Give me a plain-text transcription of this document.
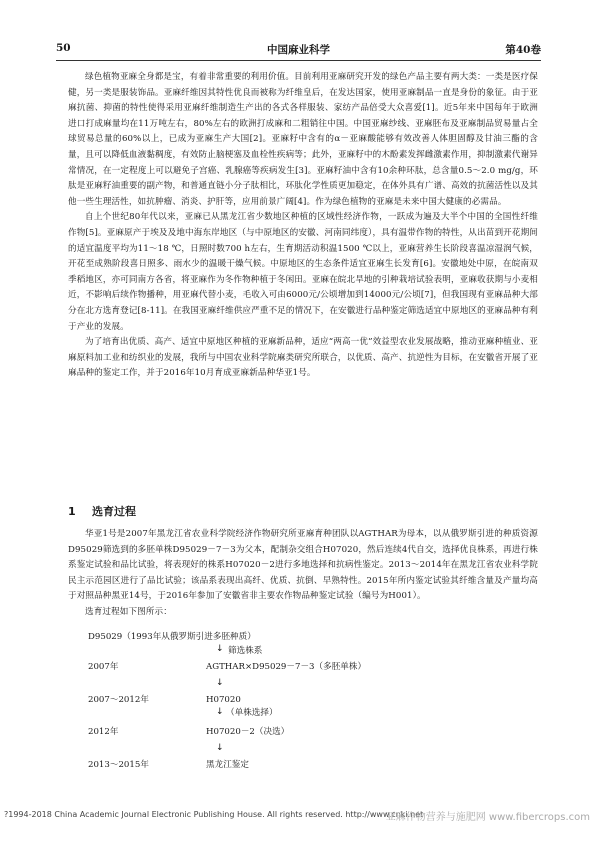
50	中国麻业科学	第40卷

绿色植物亚麻全身都是宝，有着非常重要的利用价值。目前利用亚麻研究开发的绿色产品主要有两大类：一类是医疗保健，另一类是服装饰品。亚麻纤维因其特性优良而被称为纤维皇后，在发达国家，使用亚麻制品一直是身份的象征。由于亚麻抗菌、抑菌的特性使得采用亚麻纤维制造生产出的各式各样服装、家纺产品倍受大众喜爱[1]。近5年来中国每年于欧洲进口打成麻量均在11万吨左右，80%左右的欧洲打成麻和二粗销往中国。中国亚麻纱线、亚麻胚布及亚麻制品贸易量占全球贸易总量的60%以上，已成为亚麻生产大国[2]。亚麻籽中含有的α－亚麻酸能够有效改善人体胆固醇及甘油三酯的含量，且可以降低血液黏稠度，有效防止脑梗塞及血栓性疾病等；此外，亚麻籽中的木酚素发挥雌激素作用，抑制激素代谢异常情况，在一定程度上可以避免子宫癌、乳腺癌等疾病发生[3]。亚麻籽油中含有10余种环肽，总含量0.5～2.0 mg/g，环肽是亚麻籽油重要的副产物，和普通直链小分子肽相比，环肽化学性质更加稳定，在体外具有广谱、高效的抗菌活性以及其他一些生理活性，如抗肿瘤、消炎、护肝等，应用前景广阔[4]。作为绿色植物的亚麻是未来中国大健康的必需品。

自上个世纪80年代以来，亚麻已从黑龙江省少数地区种植的区域性经济作物，一跃成为遍及大半个中国的全国性纤维作物[5]。亚麻原产于埃及及地中海东岸地区（与中原地区的安徽、河南同纬度），具有温带作物的特性，从出苗到开花期间的适宜温度平均为11～18 ℃，日照时数700 h左右，生育期活动积温1500 ℃以上，亚麻营养生长阶段喜温凉湿润气候，开花至成熟阶段喜日照多、雨水少的温暖干燥气候。中原地区的生态条件适宜亚麻生长发育[6]。安徽地处中原，在皖南双季稻地区，亦可同南方各省，将亚麻作为冬作物种植于冬闲田。亚麻在皖北旱地的引种栽培试验表明，亚麻收获期与小麦相近，不影响后续作物播种，用亚麻代替小麦，毛收入可由6000元/公顷增加到14000元/公顷[7]，但我国现有亚麻品种大部分在北方选育登记[8-11]。在我国亚麻纤维供应严重不足的情况下，在安徽进行品种鉴定筛选适宜中原地区的亚麻品种有利于产业的发展。

为了培育出优质、高产、适宜中原地区种植的亚麻新品种，适应“两高一优”效益型农业发展战略，推动亚麻种植业、亚麻原料加工业和纺织业的发展，我所与中国农业科学院麻类研究所联合，以优质、高产、抗逆性为目标，在安徽省开展了亚麻品种的鉴定工作，并于2016年10月育成亚麻新品种华亚1号。

1 选育过程

华亚1号是2007年黑龙江省农业科学院经济作物研究所亚麻育种团队以AGTHAR为母本，以从俄罗斯引进的种质资源D95029筛选到的多胚单株D95029－7－3为父本，配制杂交组合H07020，然后连续4代自交，选择优良株系，再进行株系鉴定试验和品比试验，将表现好的株系H07020－2进行多地选择和抗病性鉴定。2013～2014年在黑龙江省农业科学院民主示范园区进行了品比试验；该品系表现出高纤、优质、抗倒、早熟特性。2015年所内鉴定试验其纤维含量及产量均高于对照品种黑亚14号，于2016年参加了安徽省非主要农作物品种鉴定试验（编号为H001）。

选育过程如下图所示：

D95029（1993年从俄罗斯引进多胚种质）
↓ 筛选株系
2007年	AGTHAR×D95029－7－3（多胚单株）
↓
2007～2012年	H07020
↓ （单株选择）
2012年	H07020－2（决选）
↓
2013～2015年	黑龙江鉴定
?1994-2018 China Academic Journal Electronic Publishing House. All rights reserved. http://www.cnki.net
亚麻作物营养与施肥网 www.fibercrops.com
